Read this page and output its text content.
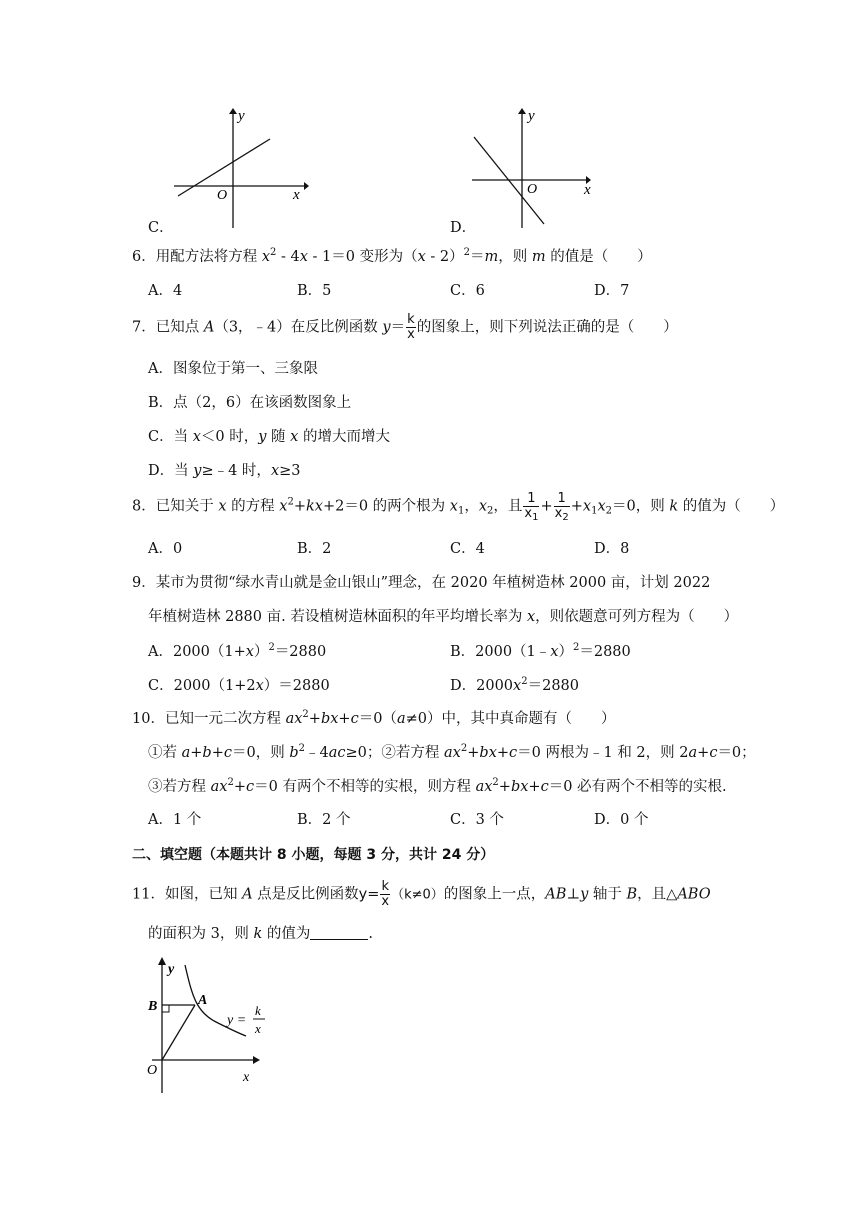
y
x
O
C．
y
x
O
D．
6．用配方法将方程 $x^2 - 4x - 1=0$ 变形为（x - 2）$^2$＝m，则 m 的值是（　　）
A．4	B．5	C．6	D．7
7．已知点 A（3，﹣4）在反比例函数 $y= \frac{k}{x}$ 的图象上，则下列说法正确的是（　　）
A．图象位于第一、三象限
B．点（2，6）在该函数图象上
C．当 x＜0 时，y 随 x 的增大而增大
D．当 y≥﹣4 时，x≥3
8．已知关于 x 的方程 $x^2+kx+2=0$ 的两个根为 $x_1$，$x_2$，且 $\frac{1}{x_1} + \frac{1}{x_2} +x_1x_2=0$，则 k 的值为（　　）
A．0	B．2	C．4	D．8
9．某市为贯彻“绿水青山就是金山银山”理念，在 2020 年植树造林 2000 亩，计划 2022
年植树造林 2880 亩. 若设植树造林面积的年平均增长率为 x，则依题意可列方程为（　　）
A．$2000(1+x)^2=2880$	B．2000（1﹣x）$^2$＝2880
C．2000（1+2x）＝2880	D．$2000x^2=2880$
10．已知一元二次方程 $ax^2+bx+c=0(a\ne 0)$中，其中真命题有（　　）
①若 a+b+c＝0，则 $b^2﹣4ac\ge 0$；②若方程 $ax^2+bx+c=0$ 两根为﹣1 和 2，则 2a+c＝0；
③若方程 $ax^2+c=0$ 有两个不相等的实根，则方程 $ax^2+bx+c=0$ 必有两个不相等的实根.
A．1 个	B．2 个	C．3 个	D．0 个
二、填空题（本题共计 8 小题，每题 3 分，共计 24 分）
11．如图，已知 A 点是反比例函数$y= \frac{k}{x} (k\ne 0)$的图象上一点，AB⊥y 轴于 B，且△ABO
的面积为 3，则 k 的值为	.
y
x
O
A
B
y =
k
x
